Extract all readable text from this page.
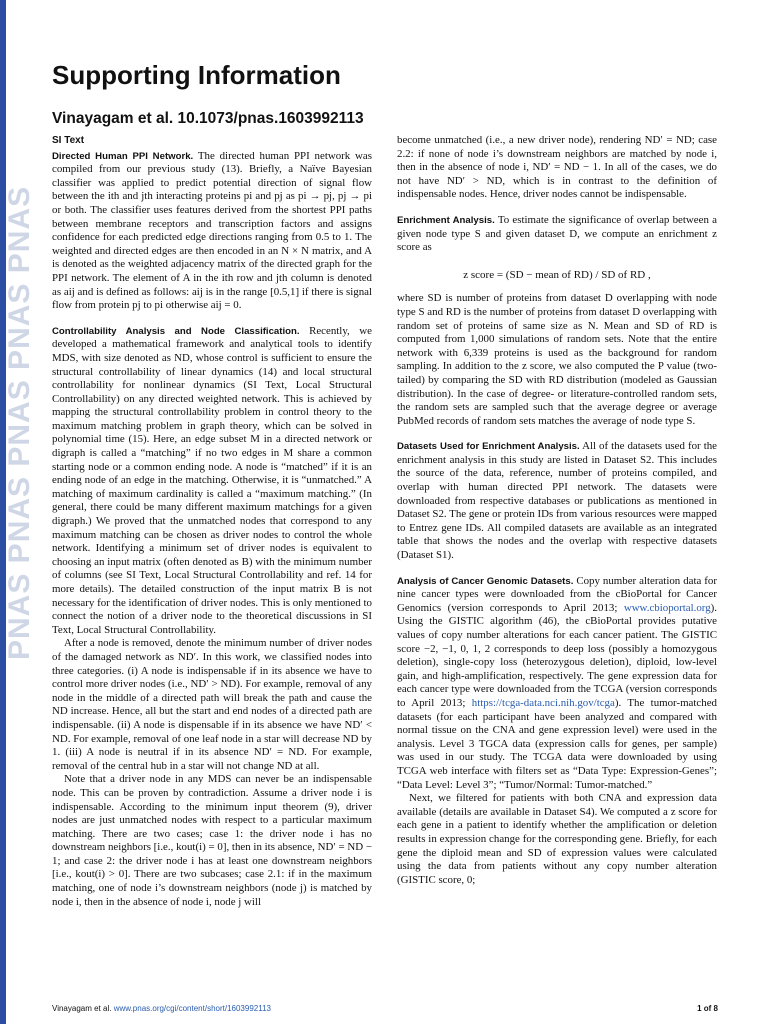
PNAS PNAS PNAS PNAS PNAS
Supporting Information
Vinayagam et al. 10.1073/pnas.1603992113
SI Text

Directed Human PPI Network. The directed human PPI network was compiled from our previous study (13). Briefly, a Naïve Bayesian classifier was applied to predict potential direction of signal flow between the ith and jth interacting proteins pi and pj as pi → pj, pj → pi or both. The classifier uses features derived from the shortest PPI paths between membrane receptors and transcription factors and assigns confidence for each predicted edge directions ranging from 0.5 to 1. The weighted and directed edges are then encoded in an N × N matrix, and A is denoted as the weighted adjacency matrix of the directed graph for the PPI network. The element of A in the ith row and jth column is denoted as aij and is defined as follows: aij is in the range [0.5,1] if there is signal flow from protein pj to pi otherwise aij = 0.

Controllability Analysis and Node Classification. Recently, we developed a mathematical framework and analytical tools to identify MDS, with size denoted as ND, whose control is sufficient to ensure the structural controllability of linear dynamics (14) and local structural controllability for nonlinear dynamics (SI Text, Local Structural Controllability) on any directed weighted network. This is achieved by mapping the structural controllability problem in control theory to the maximum matching problem in graph theory, which can be solved in polynomial time (15). Here, an edge subset M in a directed network or digraph is called a “matching” if no two edges in M share a common starting node or a common ending node. A node is “matched” if it is an ending node of an edge in the matching. Otherwise, it is “unmatched.” A matching of maximum cardinality is called a “maximum matching.” (In general, there could be many different maximum matchings for a given digraph.) We proved that the unmatched nodes that correspond to any maximum matching can be chosen as driver nodes to control the whole network. Identifying a minimum set of driver nodes is equivalent to choosing an input matrix (often denoted as B) with the minimum number of columns (see SI Text, Local Structural Controllability and ref. 14 for more details). The detailed construction of the input matrix B is not necessary for the identification of driver nodes. This is only mentioned to connect the notion of a driver node to the theoretical discussions in SI Text, Local Structural Controllability.

After a node is removed, denote the minimum number of driver nodes of the damaged network as ND′. In this work, we classified nodes into three categories. (i) A node is indispensable if in its absence we have to control more driver nodes (i.e., ND′ > ND). For example, removal of any node in the middle of a directed path will break the path and cause the ND increase. Hence, all but the start and end nodes of a directed path are indispensable. (ii) A node is dispensable if in its absence we have ND′ < ND. For example, removal of one leaf node in a star will decrease ND by 1. (iii) A node is neutral if in its absence ND′ = ND. For example, removal of the central hub in a star will not change ND at all.

Note that a driver node in any MDS can never be an indispensable node. This can be proven by contradiction. Assume a driver node i is indispensable. According to the minimum input theorem (9), driver nodes are just unmatched nodes with respect to a particular maximum matching. There are two cases; case 1: the driver node i has no downstream neighbors [i.e., kout(i) = 0], then in its absence, ND′ = ND − 1; and case 2: the driver node i has at least one downstream neighbors [i.e., kout(i) > 0]. There are two subcases; case 2.1: if in the maximum matching, one of node i’s downstream neighbors (node j) is matched by node i, then in the absence of node i, node j will

become unmatched (i.e., a new driver node), rendering ND′ = ND; case 2.2: if none of node i’s downstream neighbors are matched by node i, then in the absence of node i, ND′ = ND − 1. In all of the cases, we do not have ND′ > ND, which is in contrast to the definition of indispensable nodes. Hence, driver nodes cannot be indispensable.

Enrichment Analysis. To estimate the significance of overlap between a given node type S and given dataset D, we compute an enrichment z score as

z score = (SD − mean of RD) / SD of RD ,

where SD is number of proteins from dataset D overlapping with node type S and RD is the number of proteins from dataset D overlapping with random set of proteins of same size as N. Mean and SD of RD is computed from 1,000 simulations of random sets. Note that the entire network with 6,339 proteins is used as the background for random sampling. In addition to the z score, we also computed the P value (two-tailed) by comparing the SD with RD distribution (modeled as Gaussian distribution). In the case of degree- or literature-controlled random sets, the random sets are sampled such that the average degree or average PubMed records of random sets matches the average of node type S.

Datasets Used for Enrichment Analysis. All of the datasets used for the enrichment analysis in this study are listed in Dataset S2. This includes the source of the data, reference, number of proteins compiled, and overlap with human directed PPI network. The datasets were downloaded from respective databases or publications as mentioned in Dataset S2. The gene or protein IDs from various resources were mapped to Entrez gene IDs. All compiled datasets are available as an integrated table that shows the nodes and the overlap with respective datasets (Dataset S1).

Analysis of Cancer Genomic Datasets. Copy number alteration data for nine cancer types were downloaded from the cBioPortal for Cancer Genomics (version corresponds to April 2013; www.cbioportal.org). Using the GISTIC algorithm (46), the cBioPortal provides putative values of copy number alterations for each cancer patient. The GISTIC score −2, −1, 0, 1, 2 corresponds to deep loss (possibly a homozygous deletion), single-copy loss (heterozygous deletion), diploid, low-level gain, and high-amplification, respectively. The gene expression data for each cancer type were downloaded from the TCGA (version corresponds to April 2013; https://tcga-data.nci.nih.gov/tcga). The tumor-matched datasets (for each participant have been analyzed and compared with normal tissue on the CNA and gene expression level) were used in the analysis. Level 3 TGCA data (expression calls for genes, per sample) was used in our study. The TCGA data were downloaded by using TCGA web interface with filters set as “Data Type: Expression-Genes”; “Data Level: Level 3”; “Tumor/Normal: Tumor-matched.”

Next, we filtered for patients with both CNA and expression data available (details are available in Dataset S4). We computed a z score for each gene in a patient to identify whether the amplification or deletion results in expression change for the corresponding gene. Briefly, for each gene the diploid mean and SD of expression values were calculated using the data from patients without any copy number alteration (GISTIC score, 0;

Vinayagam et al. www.pnas.org/cgi/content/short/1603992113	1 of 8
